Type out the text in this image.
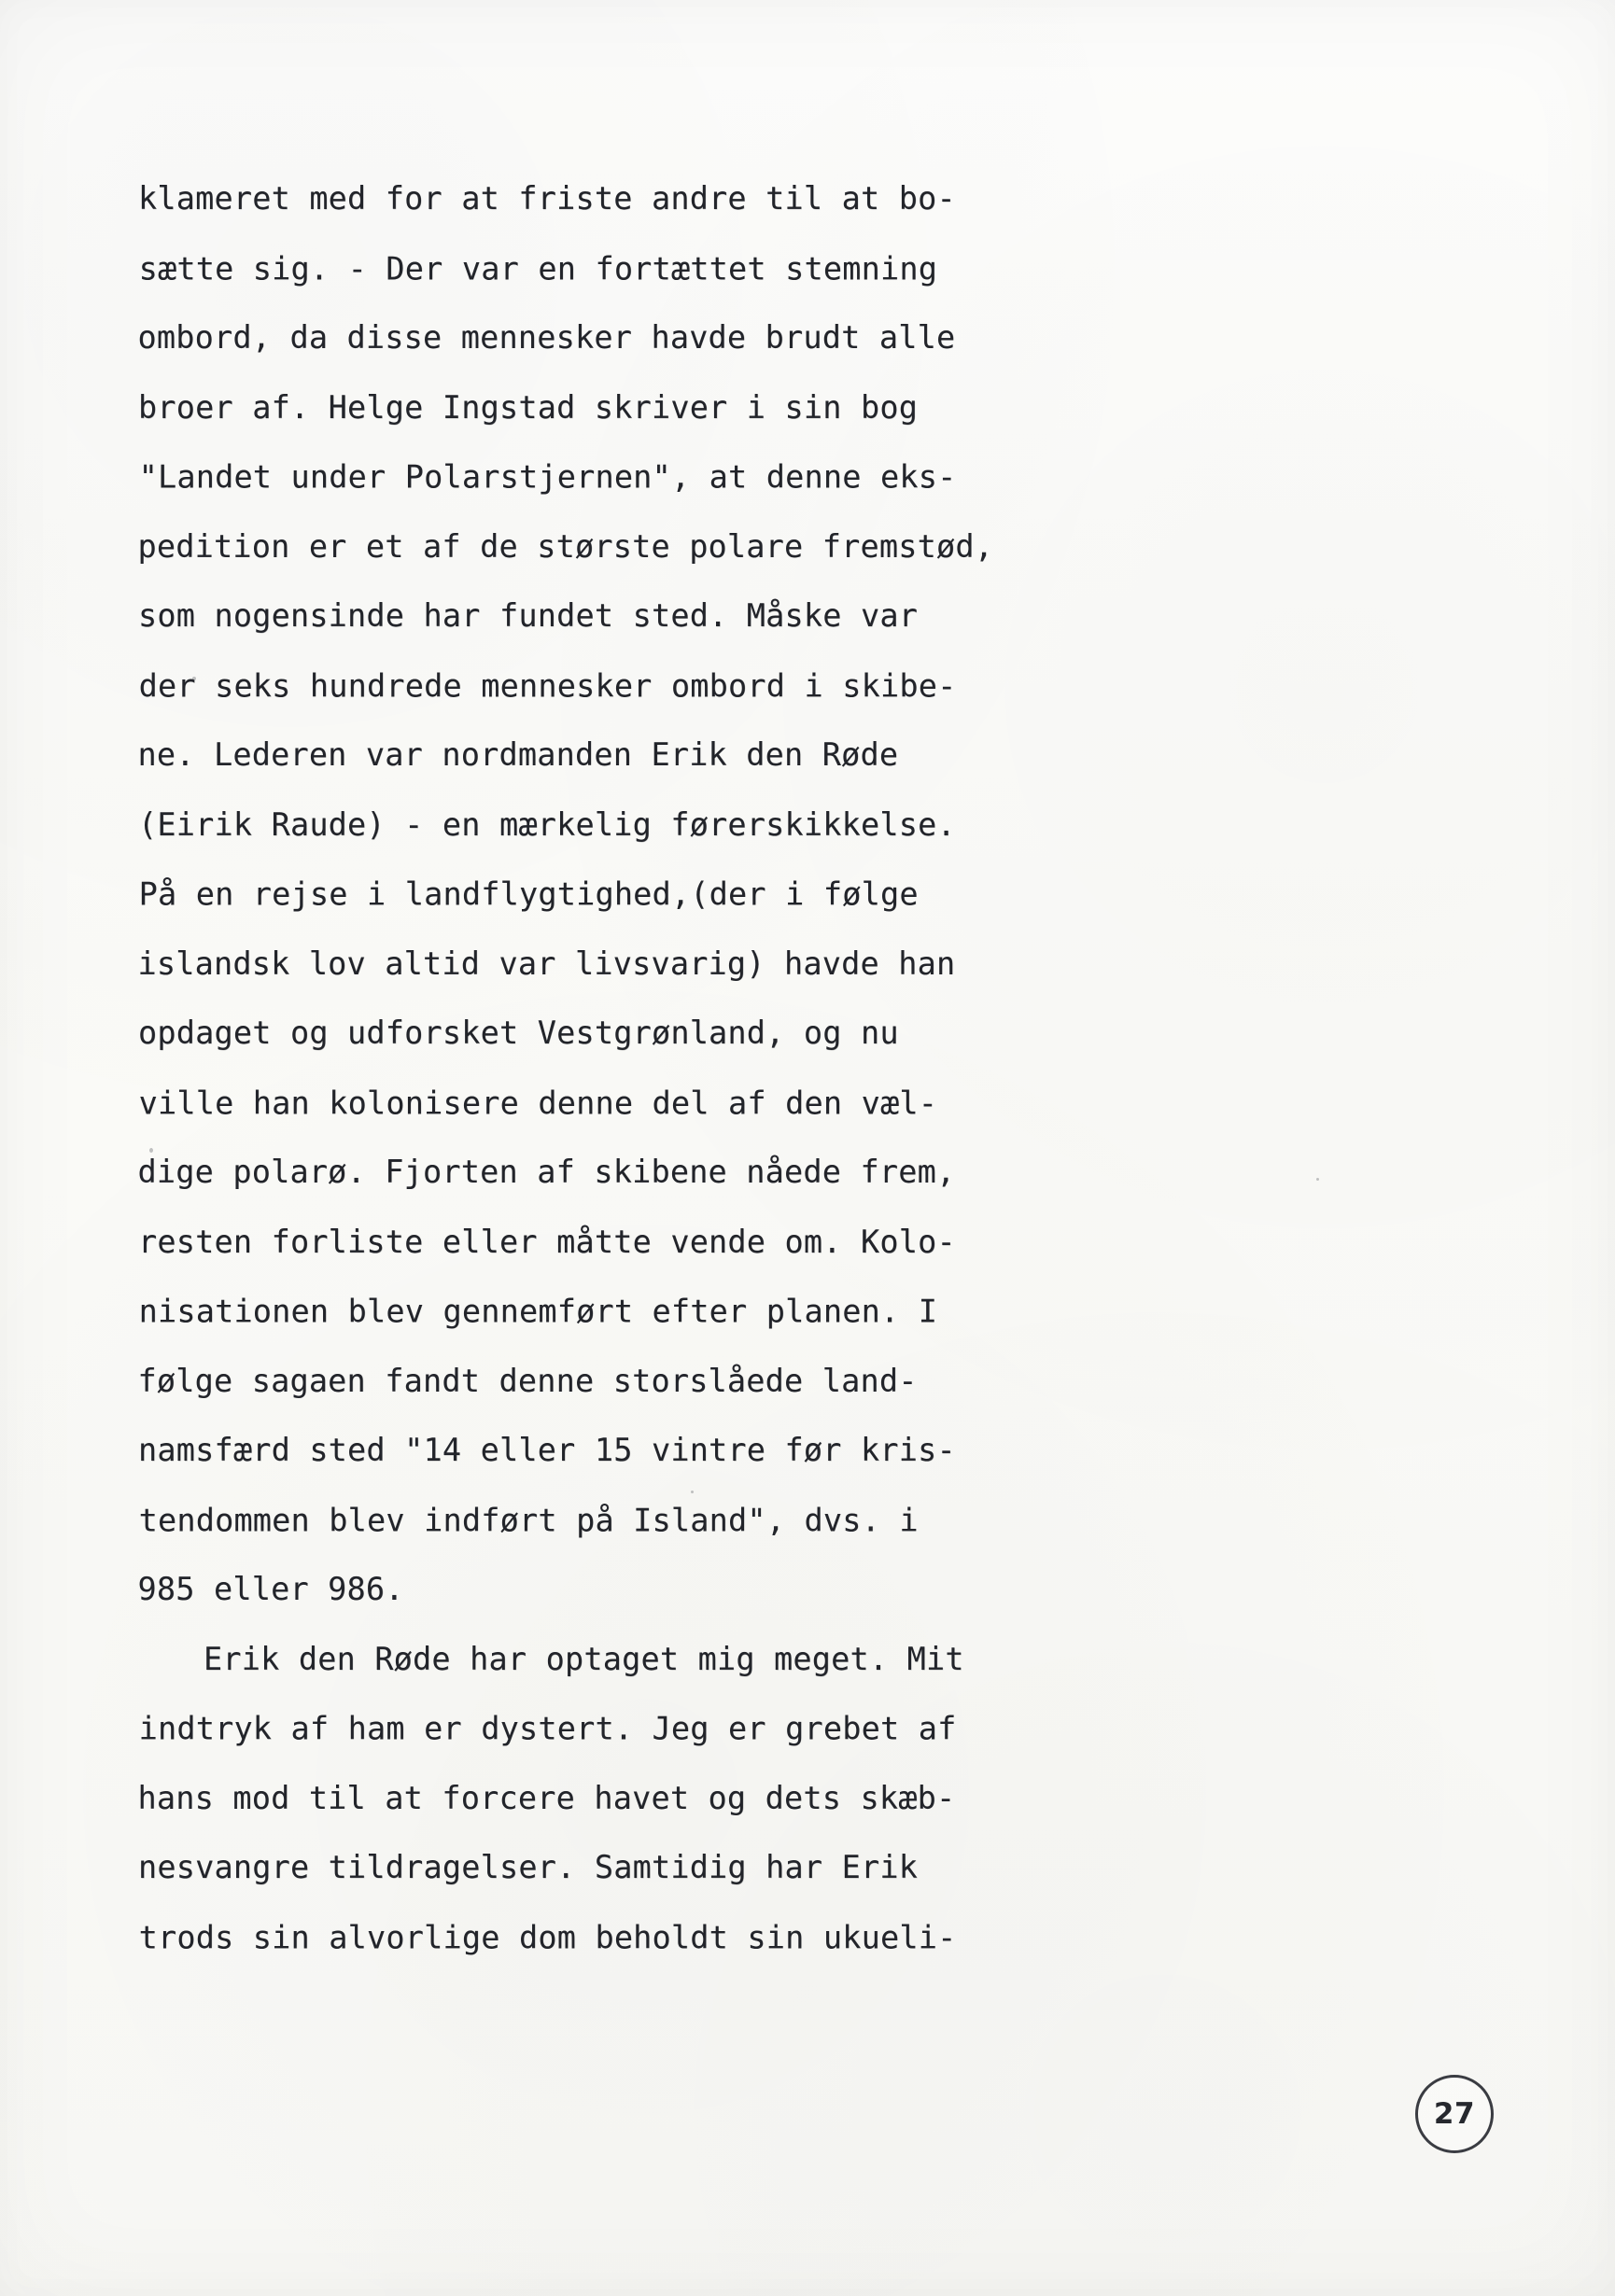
klameret med for at friste andre til at bo-

sætte sig. - Der var en fortættet stemning

ombord, da disse mennesker havde brudt alle

broer af. Helge Ingstad skriver i sin bog

"Landet under Polarstjernen", at denne eks-

pedition er et af de største polare fremstød,

som nogensinde har fundet sted. Måske var

der seks hundrede mennesker ombord i skibe-

ne. Lederen var nordmanden Erik den Røde

(Eirik Raude) - en mærkelig førerskikkelse.

På en rejse i landflygtighed,(der i følge

islandsk lov altid var livsvarig) havde han

opdaget og udforsket Vestgrønland, og nu

ville han kolonisere denne del af den væl-

dige polarø. Fjorten af skibene nåede frem,

resten forliste eller måtte vende om. Kolo-

nisationen blev gennemført efter planen. I

følge sagaen fandt denne storslåede land-

namsfærd sted "14 eller 15 vintre før kris-

tendommen blev indført på Island", dvs. i

985 eller 986.

Erik den Røde har optaget mig meget. Mit

indtryk af ham er dystert. Jeg er grebet af

hans mod til at forcere havet og dets skæb-

nesvangre tildragelser. Samtidig har Erik

trods sin alvorlige dom beholdt sin ukueli-

27
